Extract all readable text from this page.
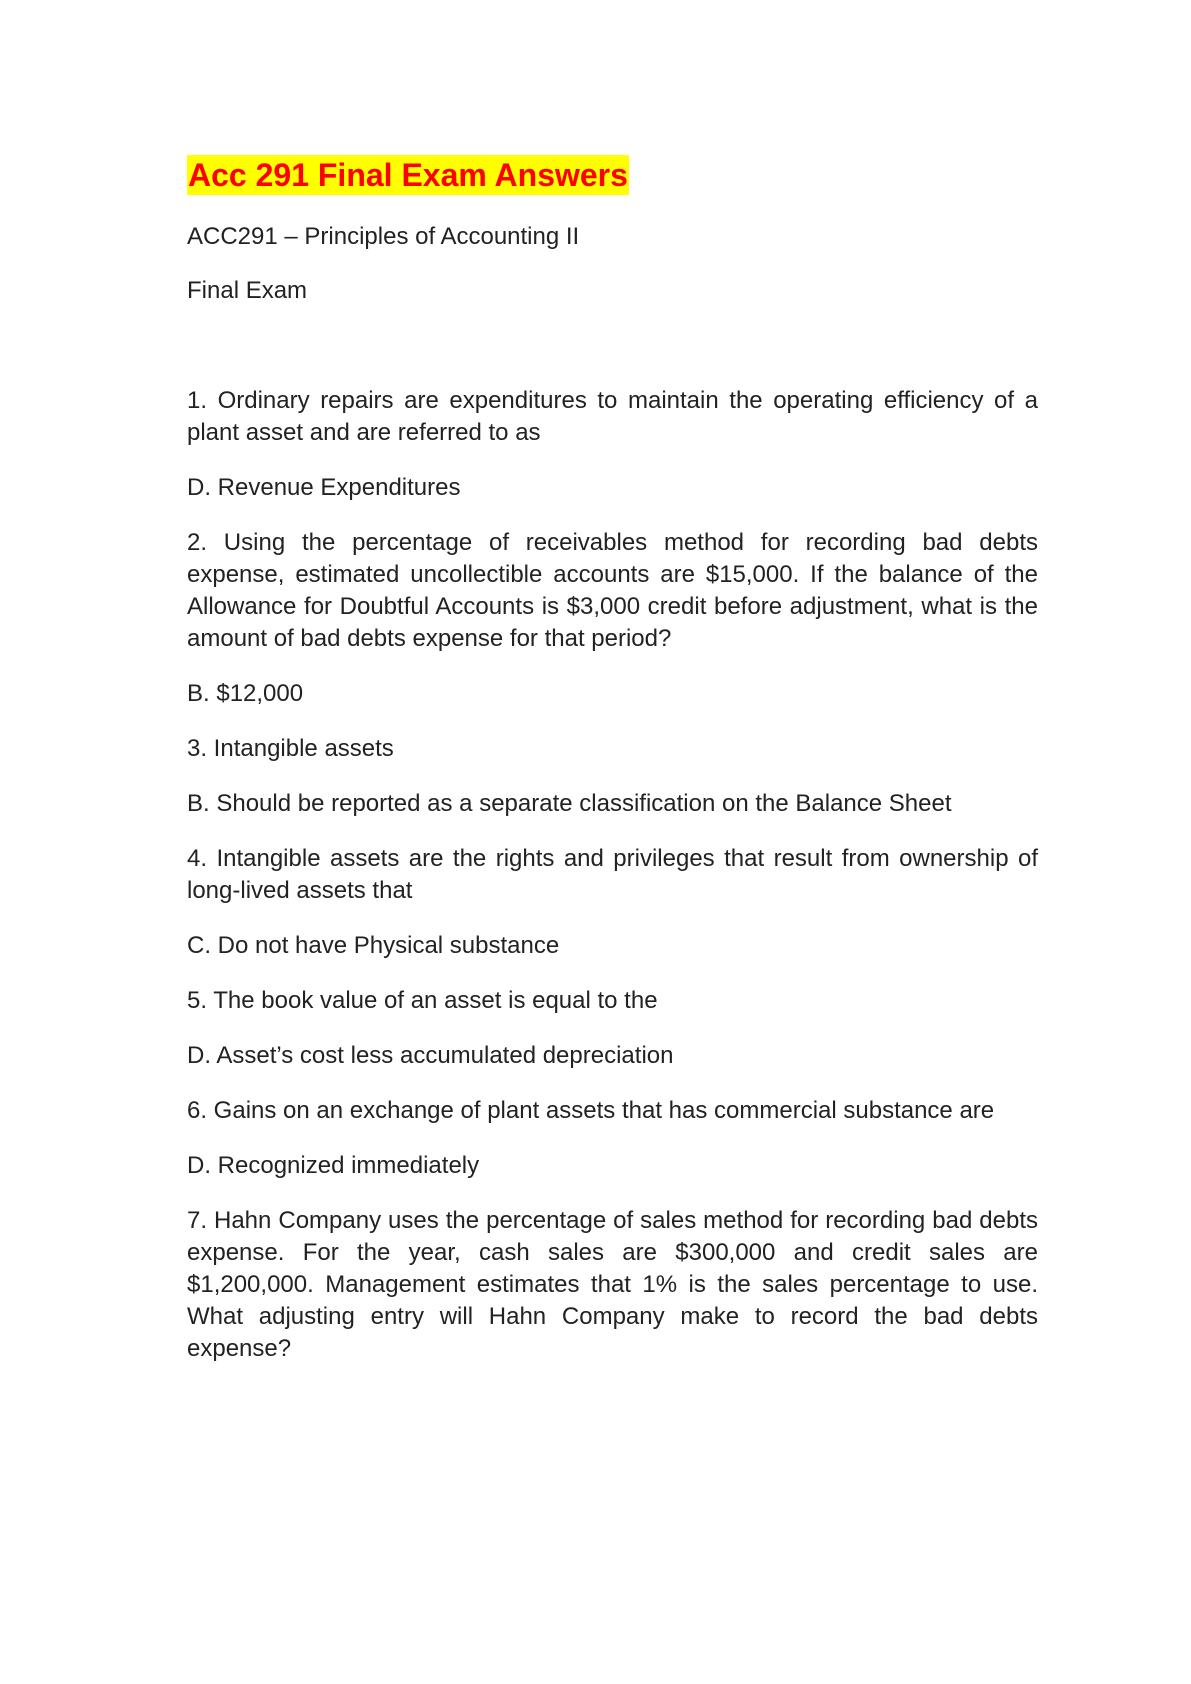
Acc 291 Final Exam Answers

ACC291 – Principles of Accounting II

Final Exam

1. Ordinary repairs are expenditures to maintain the operating efficiency of a plant asset and are referred to as

D. Revenue Expenditures

2. Using the percentage of receivables method for recording bad debts expense, estimated uncollectible accounts are $15,000. If the balance of the Allowance for Doubtful Accounts is $3,000 credit before adjustment, what is the amount of bad debts expense for that period?

B. $12,000

3. Intangible assets

B. Should be reported as a separate classification on the Balance Sheet

4. Intangible assets are the rights and privileges that result from ownership of long-lived assets that

C. Do not have Physical substance

5. The book value of an asset is equal to the

D. Asset’s cost less accumulated depreciation

6. Gains on an exchange of plant assets that has commercial substance are

D. Recognized immediately

7. Hahn Company uses the percentage of sales method for recording bad debts expense. For the year, cash sales are $300,000 and credit sales are $1,200,000. Management estimates that 1% is the sales percentage to use. What adjusting entry will Hahn Company make to record the bad debts expense?
